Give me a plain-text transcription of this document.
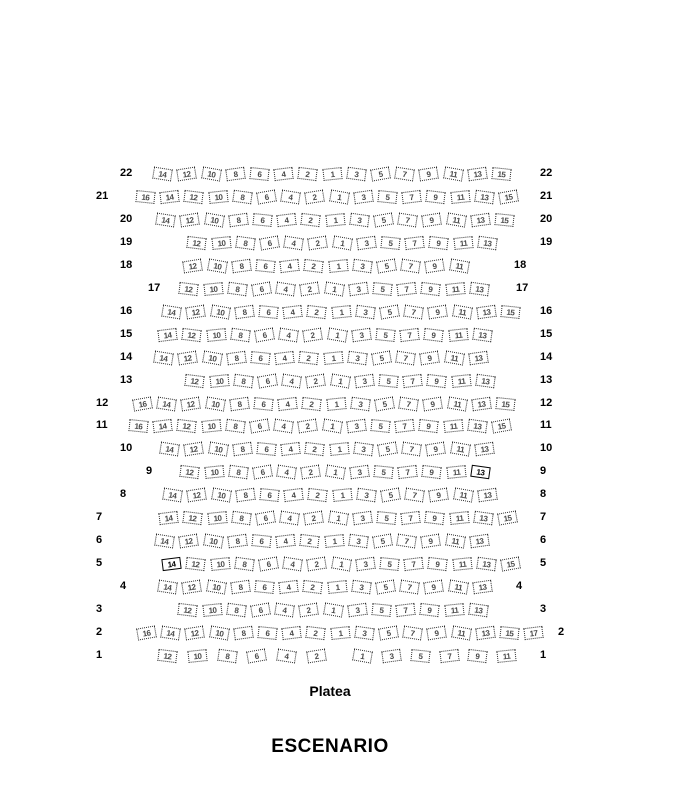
22	14	12	10	8	6	4	2	1	3	5	7	9	11	13	15	22
21	16	14	12	10	8	6	4	2	1	3	5	7	9	11	13	15	21
20	14	12	10	8	6	4	2	1	3	5	7	9	11	13	15	20
19	12	10	8	6	4	2	1	3	5	7	9	11	13	19
18	12	10	8	6	4	2	1	3	5	7	9	11	18
17	12	10	8	6	4	2	1	3	5	7	9	11	13	17
16	14	12	10	8	6	4	2	1	3	5	7	9	11	13	15	16
15	14	12	10	8	6	4	2	1	3	5	7	9	11	13	15
14	14	12	10	8	6	4	2	1	3	5	7	9	11	13	14
13	12	10	8	6	4	2	1	3	5	7	9	11	13	13
12	16	14	12	10	8	6	4	2	1	3	5	7	9	11	13	15	12
11	16	14	12	10	8	6	4	2	1	3	5	7	9	11	13	15	11
10	14	12	10	8	6	4	2	1	3	5	7	9	11	13	10
9	12	10	8	6	4	2	1	3	5	7	9	11	13	9
8	14	12	10	8	6	4	2	1	3	5	7	9	11	13	8
7	14	12	10	8	6	4	2	1	3	5	7	9	11	13	15	7
6	14	12	10	8	6	4	2	1	3	5	7	9	11	13	6
5	14	12	10	8	6	4	2	1	3	5	7	9	11	13	15	5
4	14	12	10	8	6	4	2	1	3	5	7	9	11	13	4
3	12	10	8	6	4	2	1	3	5	7	9	11	13	3
2	16	14	12	10	8	6	4	2	1	3	5	7	9	11	13	15	17	2
1	12	10	8	6	4	2	1	3	5	7	9	11	1
Platea
ESCENARIO
